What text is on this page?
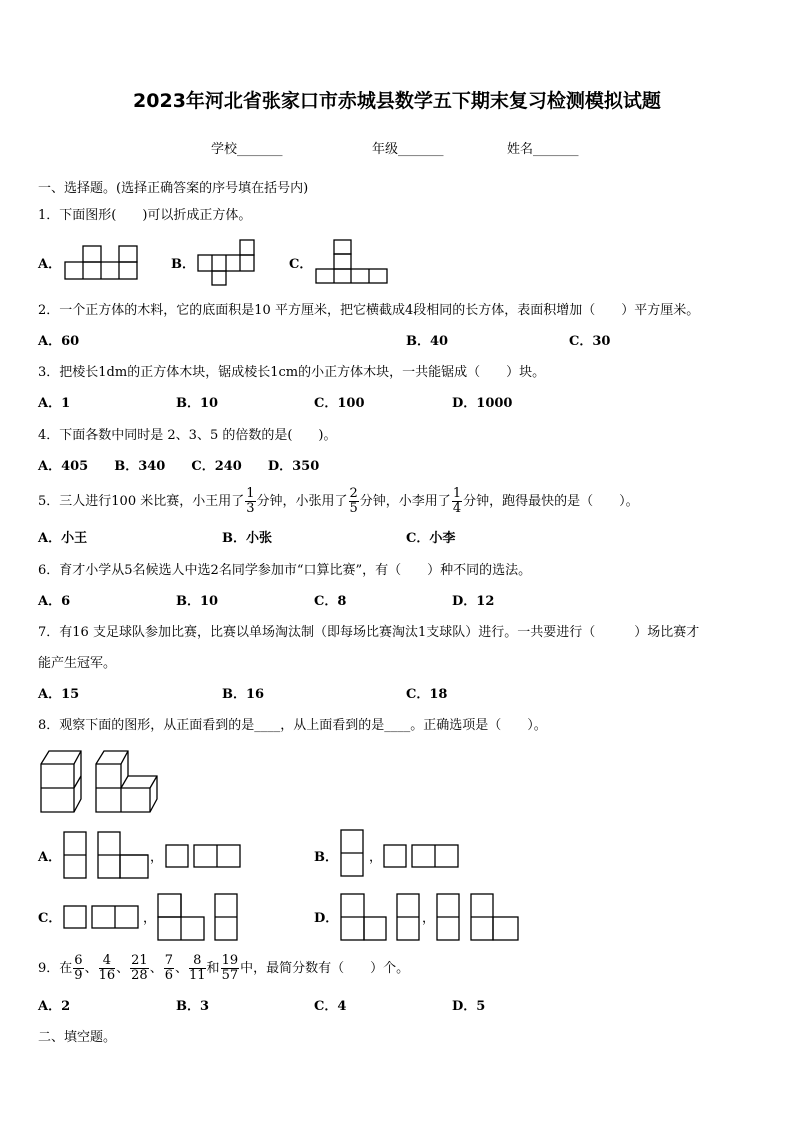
2023年河北省张家口市赤城县数学五下期末复习检测模拟试题
学校_______	年级_______	姓名_______
一、选择题。(选择正确答案的序号填在括号内)
1．下面图形(　　)可以折成正方体。
A．	B．	C．
2．一个正方体的木料，它的底面积是10 平方厘米，把它横截成4段相同的长方体，表面积增加（　　）平方厘米。
A．60	B．40	C．30
3．把棱长1dm的正方体木块，锯成棱长1cm的小正方体木块，一共能锯成（　　）块。
A．1	B．10	C．100	D．1000
4．下面各数中同时是 2、3、5 的倍数的是(　　)。
A．405　　B．340　　C．240　　D．350
5．三人进行100 米比赛，小王用了 $\frac{1}{3}$ 分钟，小张用了 $\frac{2}{5}$ 分钟，小李用了 $\frac{1}{4}$ 分钟，跑得最快的是（　　）。
A．小王	B．小张	C．小李
6．育才小学从5名候选人中选2名同学参加市“口算比赛”，有（　　）种不同的选法。
A．6	B．10	C．8	D．12
7．有16 支足球队参加比赛，比赛以单场淘汰制（即每场比赛淘汰1支球队）进行。一共要进行（　　　）场比赛才
能产生冠军。
A．15	B．16	C．18
8．观察下面的图形，从正面看到的是____，从上面看到的是____。正确选项是（　　）。
A．	，	B． ，
C．	，	D．	，
9．在 $\frac{6}{9}$ 、 $\frac{4}{16}$ 、 $\frac{21}{28}$ 、 $\frac{7}{6}$ 、 $\frac{8}{11}$ 和 $\frac{19}{57}$ 中，最简分数有（　　）个。
A．2	B．3	C．4	D．5
二、填空题。
